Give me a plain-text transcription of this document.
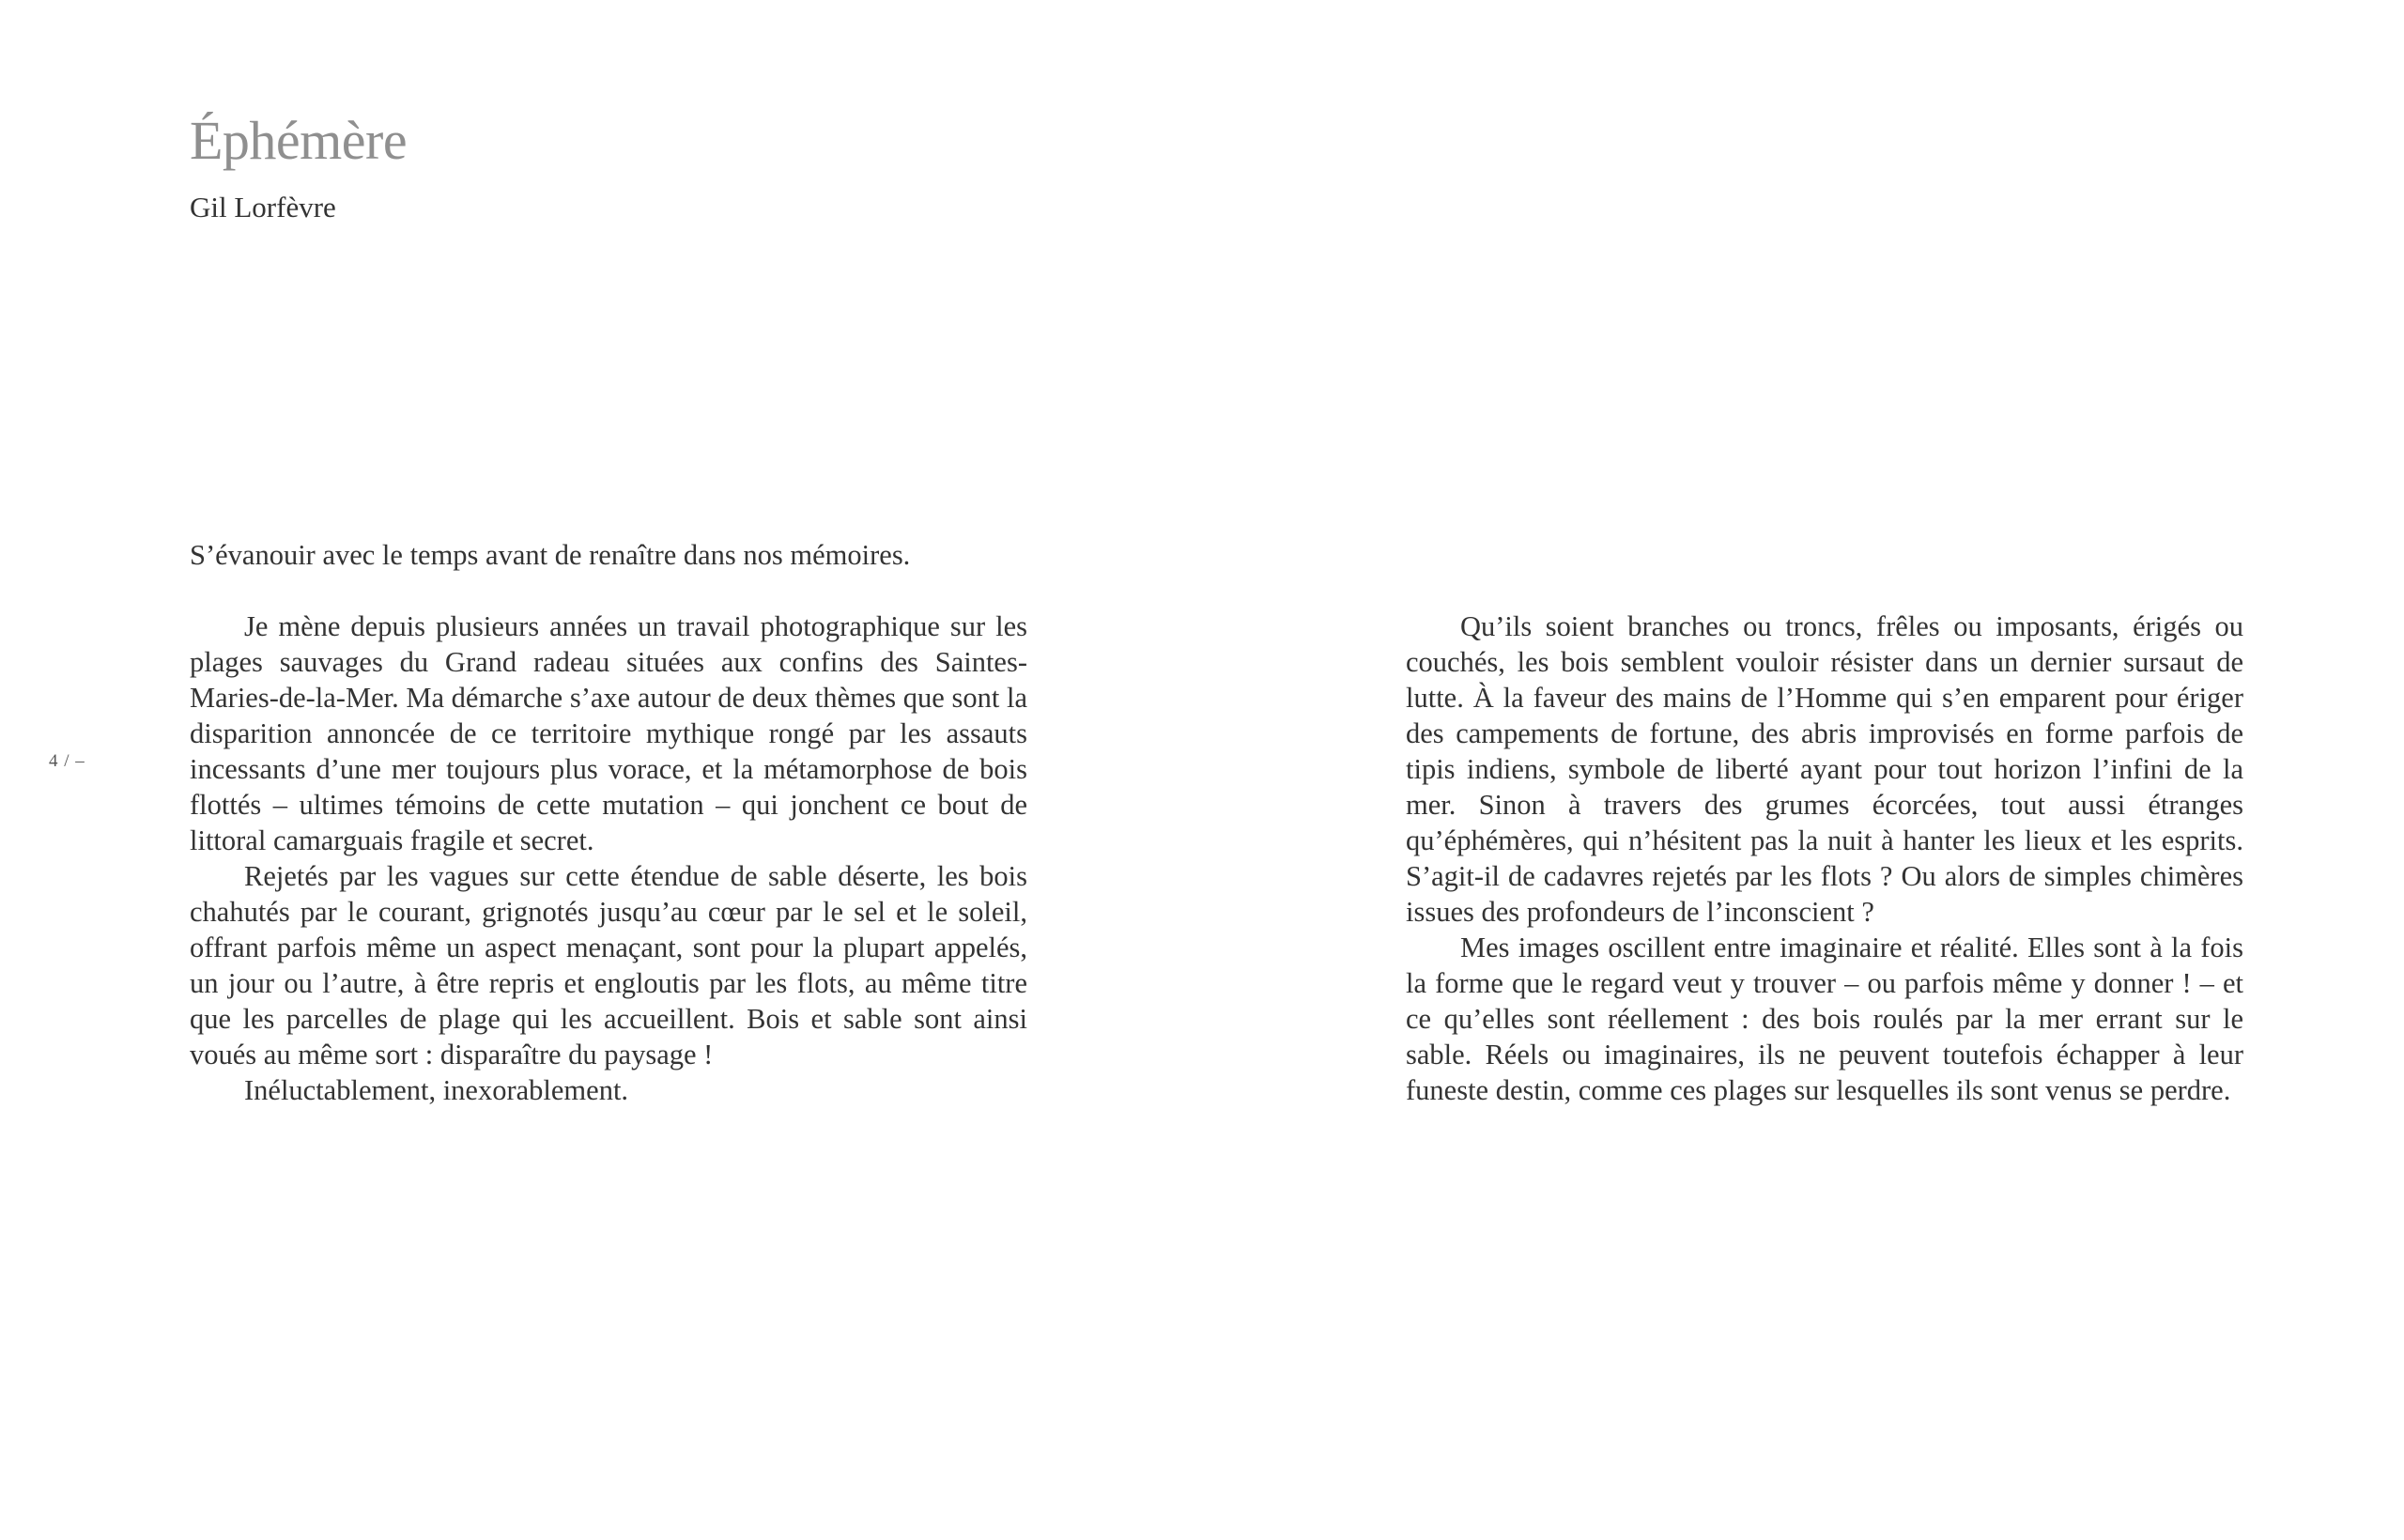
Éphémère
Gil Lorfèvre
4 / –
S’évanouir avec le temps avant de renaître dans nos mémoires.

Je mène depuis plusieurs années un travail photographique sur les plages sauvages du Grand radeau situées aux confins des Saintes-Maries-de-la-Mer. Ma démarche s’axe autour de deux thèmes que sont la disparition annoncée de ce territoire mythique rongé par les assauts incessants d’une mer toujours plus vorace, et la métamorphose de bois flottés – ultimes témoins de cette mutation – qui jonchent ce bout de littoral camarguais fragile et secret.

Rejetés par les vagues sur cette étendue de sable déserte, les bois chahutés par le courant, grignotés jusqu’au cœur par le sel et le soleil, offrant parfois même un aspect menaçant, sont pour la plupart appelés, un jour ou l’autre, à être repris et engloutis par les flots, au même titre que les parcelles de plage qui les accueillent. Bois et sable sont ainsi voués au même sort : disparaître du paysage !

Inéluctablement, inexorablement.

Qu’ils soient branches ou troncs, frêles ou imposants, érigés ou couchés, les bois semblent vouloir résister dans un dernier sursaut de lutte. À la faveur des mains de l’Homme qui s’en emparent pour ériger des campements de fortune, des abris improvisés en forme parfois de tipis indiens, symbole de liberté ayant pour tout horizon l’infini de la mer. Sinon à travers des grumes écorcées, tout aussi étranges qu’éphémères, qui n’hésitent pas la nuit à hanter les lieux et les esprits. S’agit-il de cadavres rejetés par les flots ? Ou alors de simples chimères issues des profondeurs de l’inconscient ?

Mes images oscillent entre imaginaire et réalité. Elles sont à la fois la forme que le regard veut y trouver – ou parfois même y donner ! – et ce qu’elles sont réellement : des bois roulés par la mer errant sur le sable. Réels ou imaginaires, ils ne peuvent toutefois échapper à leur funeste destin, comme ces plages sur lesquelles ils sont venus se perdre.
